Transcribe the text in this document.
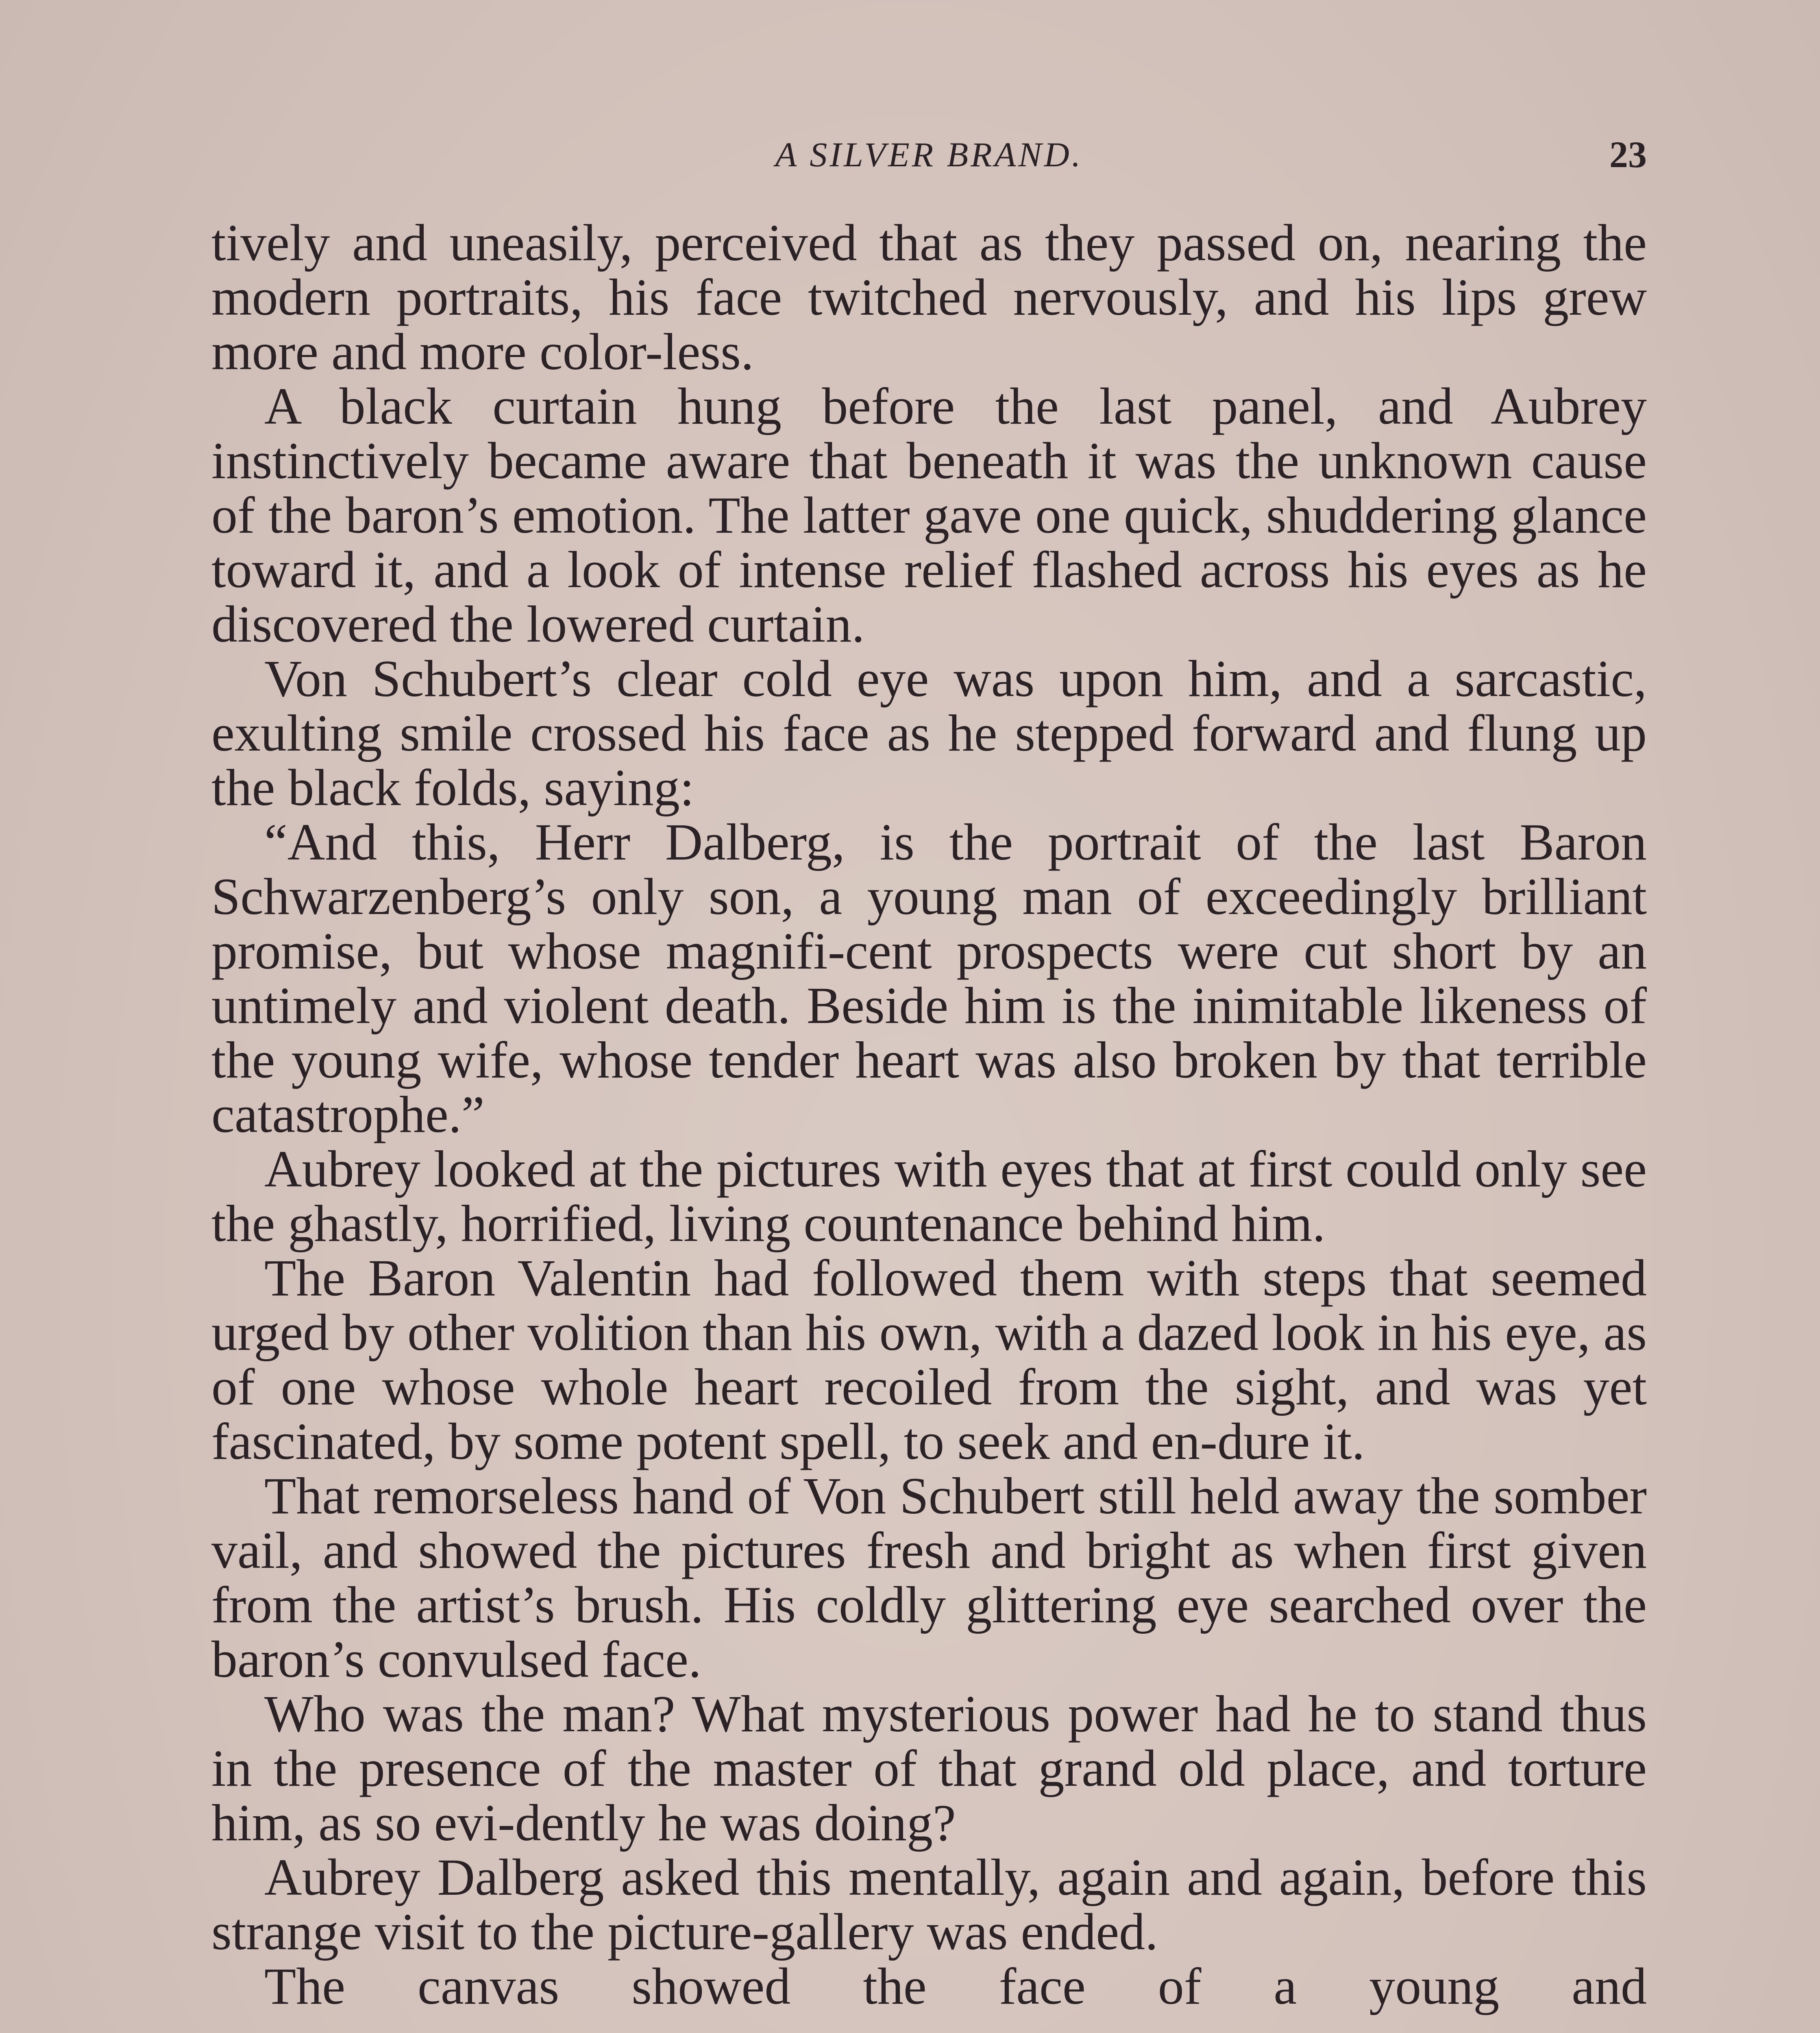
A SILVER BRAND.	23

tively and uneasily, perceived that as they passed on, nearing the modern portraits, his face twitched nervously, and his lips grew more and more color-less.

A black curtain hung before the last panel, and Aubrey instinctively became aware that beneath it was the unknown cause of the baron’s emotion. The latter gave one quick, shuddering glance toward it, and a look of intense relief flashed across his eyes as he discovered the lowered curtain.

Von Schubert’s clear cold eye was upon him, and a sarcastic, exulting smile crossed his face as he stepped forward and flung up the black folds, saying:

“And this, Herr Dalberg, is the portrait of the last Baron Schwarzenberg’s only son, a young man of exceedingly brilliant promise, but whose magnifi-cent prospects were cut short by an untimely and violent death. Beside him is the inimitable likeness of the young wife, whose tender heart was also broken by that terrible catastrophe.”

Aubrey looked at the pictures with eyes that at first could only see the ghastly, horrified, living countenance behind him.

The Baron Valentin had followed them with steps that seemed urged by other volition than his own, with a dazed look in his eye, as of one whose whole heart recoiled from the sight, and was yet fascinated, by some potent spell, to seek and en-dure it.

That remorseless hand of Von Schubert still held away the somber vail, and showed the pictures fresh and bright as when first given from the artist’s brush. His coldly glittering eye searched over the baron’s convulsed face.

Who was the man? What mysterious power had he to stand thus in the presence of the master of that grand old place, and torture him, as so evi-dently he was doing?

Aubrey Dalberg asked this mentally, again and again, before this strange visit to the picture-gallery was ended.

The canvas showed the face of a young and
